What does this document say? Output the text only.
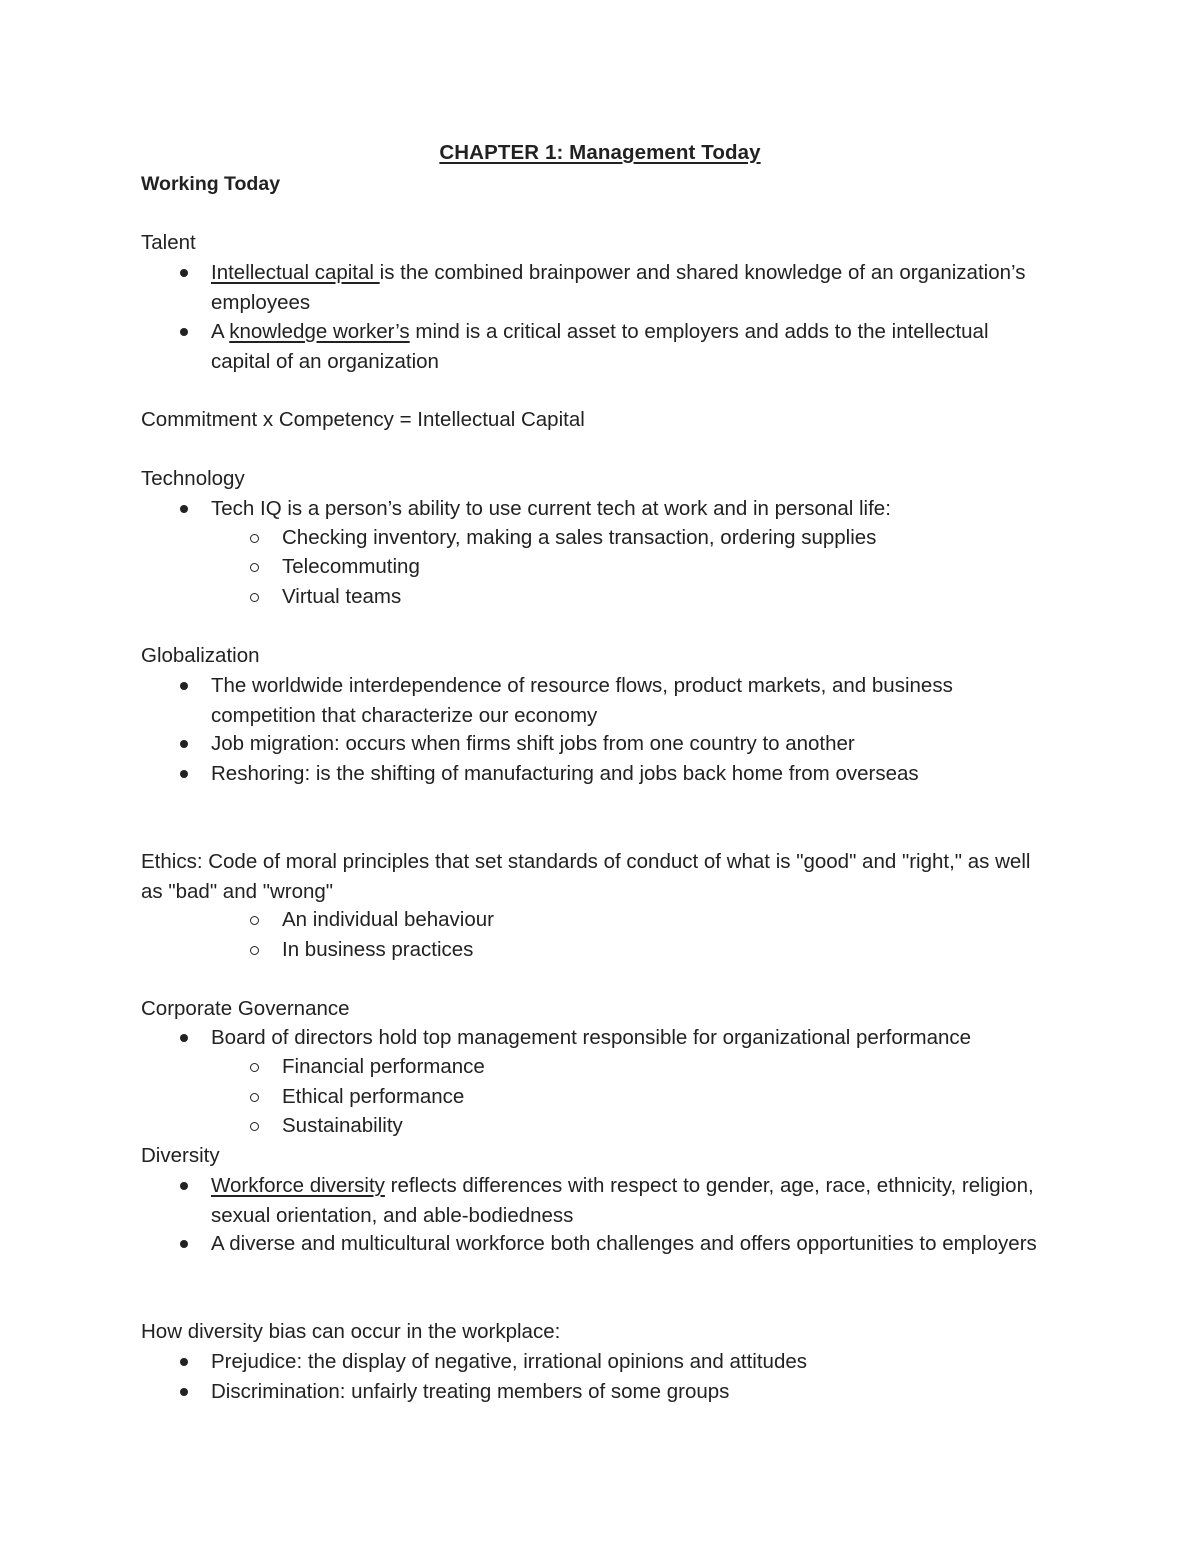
CHAPTER 1: Management Today
Working Today
Talent
Intellectual capital is the combined brainpower and shared knowledge of an organization’s employees
A knowledge worker’s mind is a critical asset to employers and adds to the intellectual capital of an organization
Commitment x Competency = Intellectual Capital
Technology
Tech IQ is a person’s ability to use current tech at work and in personal life:
Checking inventory, making a sales transaction, ordering supplies
Telecommuting
Virtual teams
Globalization
The worldwide interdependence of resource flows, product markets, and business competition that characterize our economy
Job migration: occurs when firms shift jobs from one country to another
Reshoring: is the shifting of manufacturing and jobs back home from overseas
Ethics: Code of moral principles that set standards of conduct of what is "good" and "right," as well as "bad" and "wrong"
An individual behaviour
In business practices
Corporate Governance
Board of directors hold top management responsible for organizational performance
Financial performance
Ethical performance
Sustainability
Diversity
Workforce diversity reflects differences with respect to gender, age, race, ethnicity, religion, sexual orientation, and able-bodiedness
A diverse and multicultural workforce both challenges and offers opportunities to employers
How diversity bias can occur in the workplace:
Prejudice: the display of negative, irrational opinions and attitudes
Discrimination: unfairly treating members of some groups
